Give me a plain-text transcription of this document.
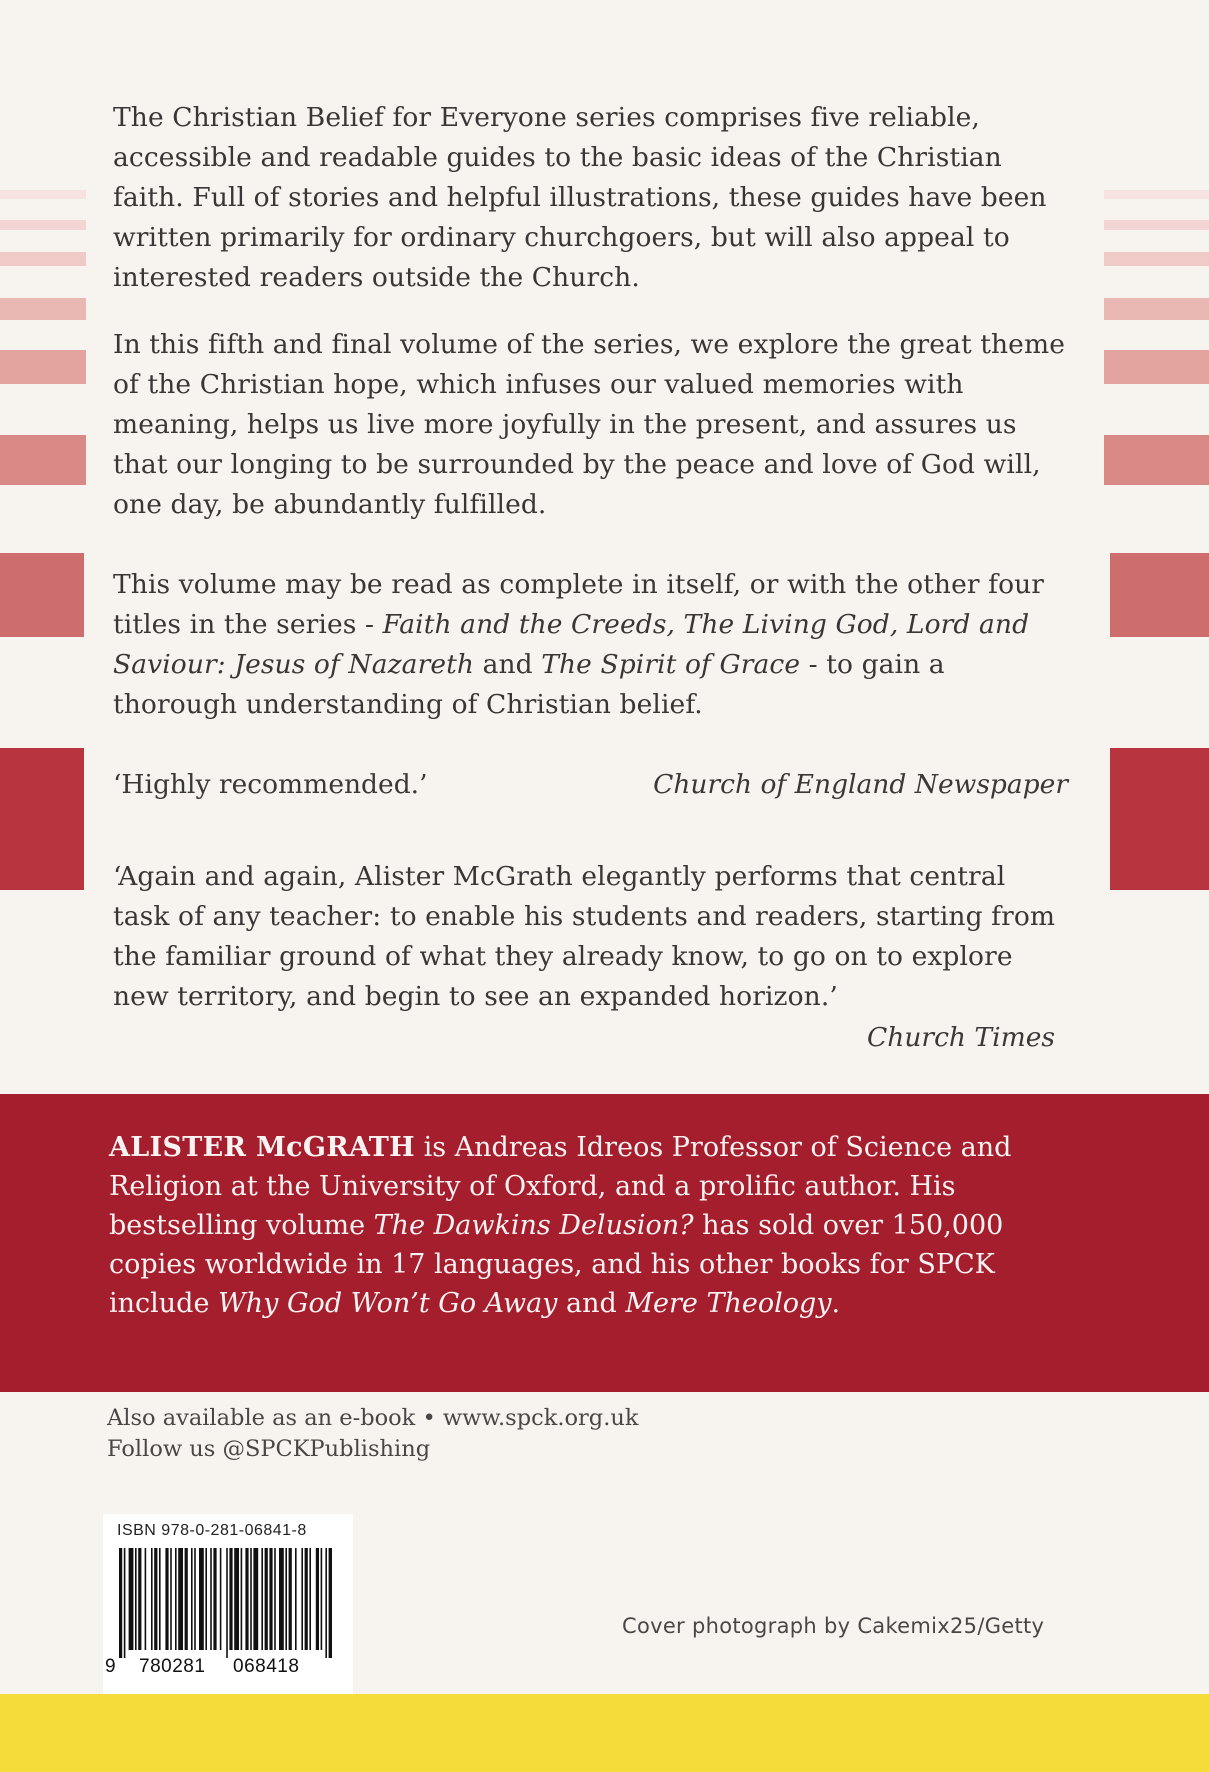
The Christian Belief for Everyone series comprises five reliable, accessible and readable guides to the basic ideas of the Christian faith. Full of stories and helpful illustrations, these guides have been written primarily for ordinary churchgoers, but will also appeal to interested readers outside the Church.

In this fifth and final volume of the series, we explore the great theme of the Christian hope, which infuses our valued memories with meaning, helps us live more joyfully in the present, and assures us that our longing to be surrounded by the peace and love of God will, one day, be abundantly fulfilled.

This volume may be read as complete in itself, or with the other four titles in the series - Faith and the Creeds, The Living God, Lord and Saviour: Jesus of Nazareth and The Spirit of Grace - to gain a thorough understanding of Christian belief.

‘Highly recommended.’	Church of England Newspaper

‘Again and again, Alister McGrath elegantly performs that central task of any teacher: to enable his students and readers, starting from the familiar ground of what they already know, to go on to explore new territory, and begin to see an expanded horizon.’

Church Times

ALISTER McGRATH is Andreas Idreos Professor of Science and Religion at the University of Oxford, and a prolific author. His bestselling volume The Dawkins Delusion? has sold over 150,000 copies worldwide in 17 languages, and his other books for SPCK include Why God Won’t Go Away and Mere Theology.

Also available as an e-book • www.spck.org.uk
Follow us @SPCKPublishing
ISBN 978-0-281-06841-8
9 780281 068418
Cover photograph by Cakemix25/Getty
